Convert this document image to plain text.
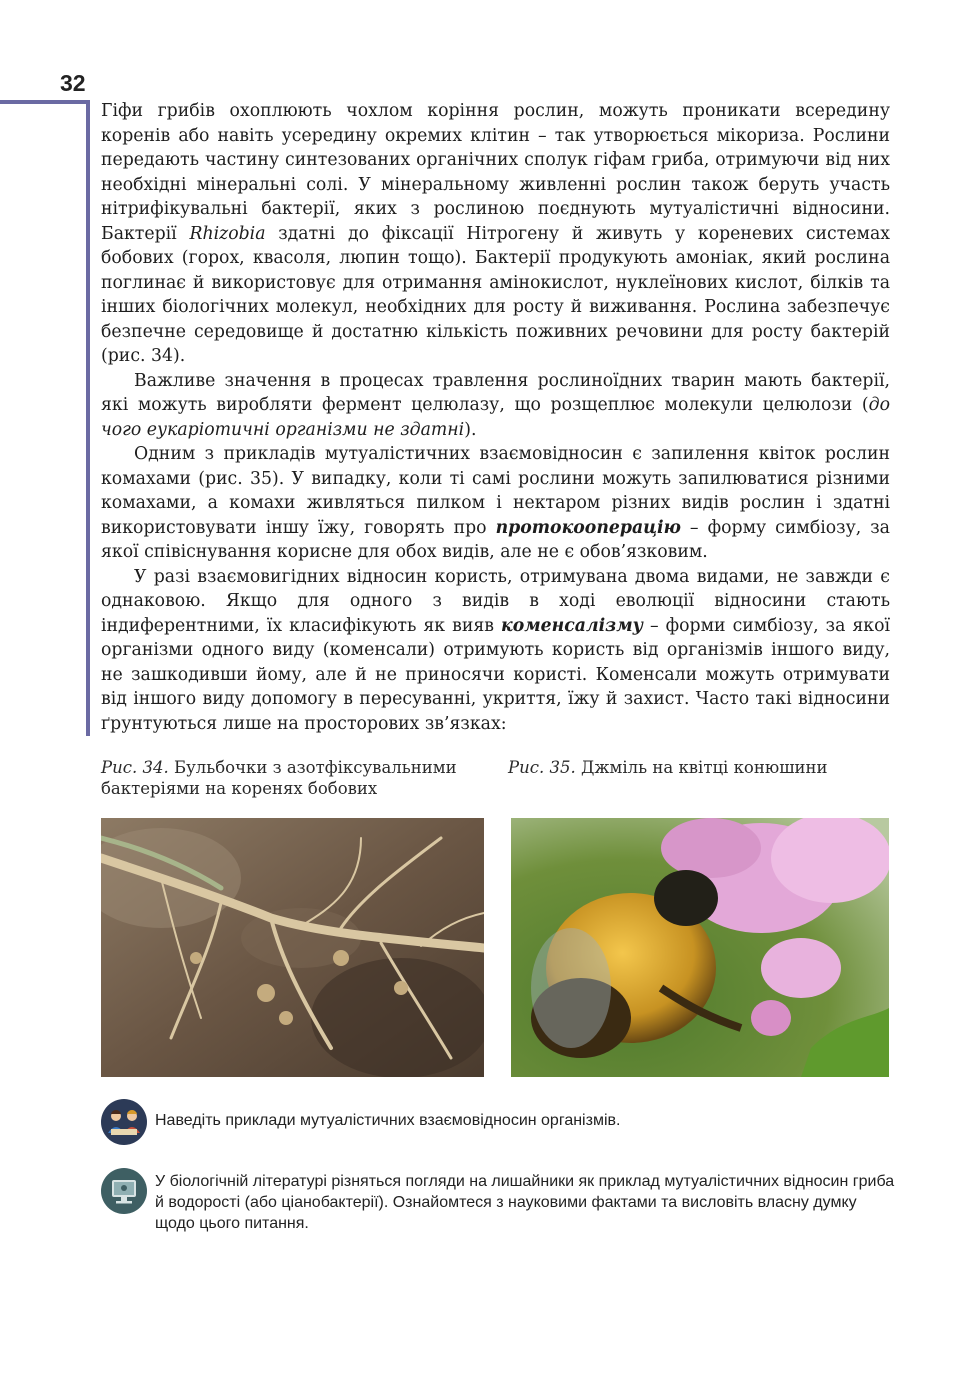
32

Гіфи грибів охоплюють чохлом коріння рослин, можуть проникати всередину коренів або навіть усередину окремих клітин – так утворюється мікориза. Рослини передають частину синтезованих органічних сполук гіфам гриба, отримуючи від них необхідні мінеральні солі. У мінеральному живленні рослин також беруть участь нітрифікувальні бактерії, яких з рослиною поєднують мутуалістичні відносини. Бактерії Rhizobia здатні до фіксації Нітрогену й живуть у кореневих системах бобових (горох, квасоля, люпин тощо). Бактерії продукують амоніак, який рослина поглинає й використовує для отримання амінокислот, нуклеїнових кислот, білків та інших біологічних молекул, необхідних для росту й виживання. Рослина забезпечує безпечне середовище й достатню кількість поживних речовини для росту бактерій (рис. 34).

Важливе значення в процесах травлення рослиноїдних тварин мають бактерії, які можуть виробляти фермент целюлазу, що розщеплює молекули целюлози (до чого еукаріотичні організми не здатні).

Одним з прикладів мутуалістичних взаємовідносин є запилення квіток рослин комахами (рис. 35). У випадку, коли ті самі рослини можуть запилюватися різними комахами, а комахи живляться пилком і нектаром різних видів рослин і здатні використовувати іншу їжу, говорять про протокооперацію – форму симбіозу, за якої співіснування корисне для обох видів, але не є обов’язковим.

У разі взаємовигідних відносин користь, отримувана двома видами, не завжди є однаковою. Якщо для одного з видів в ході еволюції відносини стають індиферентними, їх класифікують як вияв коменсалізму – форми симбіозу, за якої організми одного виду (коменсали) отримують користь від організмів іншого виду, не зашкодивши йому, але й не приносячи користі. Коменсали можуть отримувати від іншого виду допомогу в пересуванні, укриття, їжу й захист. Часто такі відносини ґрунтуються лише на просторових зв’язках:

Рис. 34. Бульбочки з азотфіксувальними бактеріями на коренях бобових
Рис. 35. Джміль на квітці конюшини
Наведіть приклади мутуалістичних взаємовідносин організмів.
У біологічній літературі різняться погляди на лишайники як приклад мутуалістичних відносин гриба й водорості (або ціанобактерії). Ознайомтеся з науковими фактами та висловіть власну думку щодо цього питання.
